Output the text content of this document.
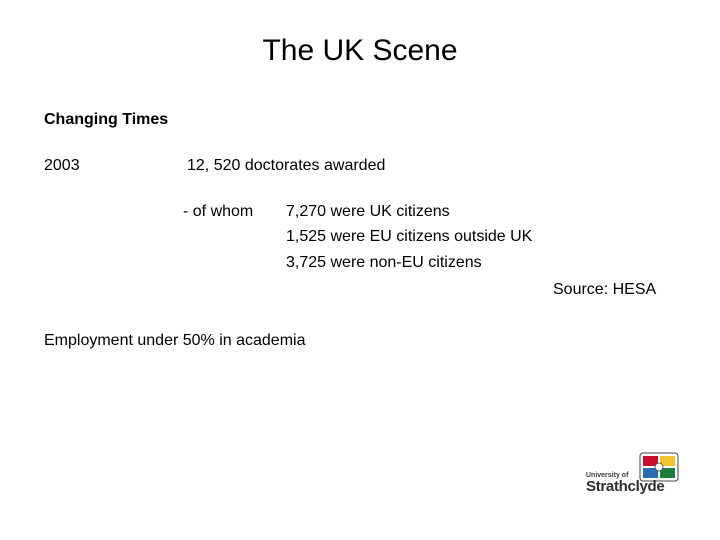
The UK Scene
Changing Times
2003	12, 520 doctorates awarded
- of whom 7,270 were UK citizens
1,525 were EU citizens outside UK
3,725 were non-EU citizens
Source: HESA
Employment under 50% in academia
University of
Strathclyde
